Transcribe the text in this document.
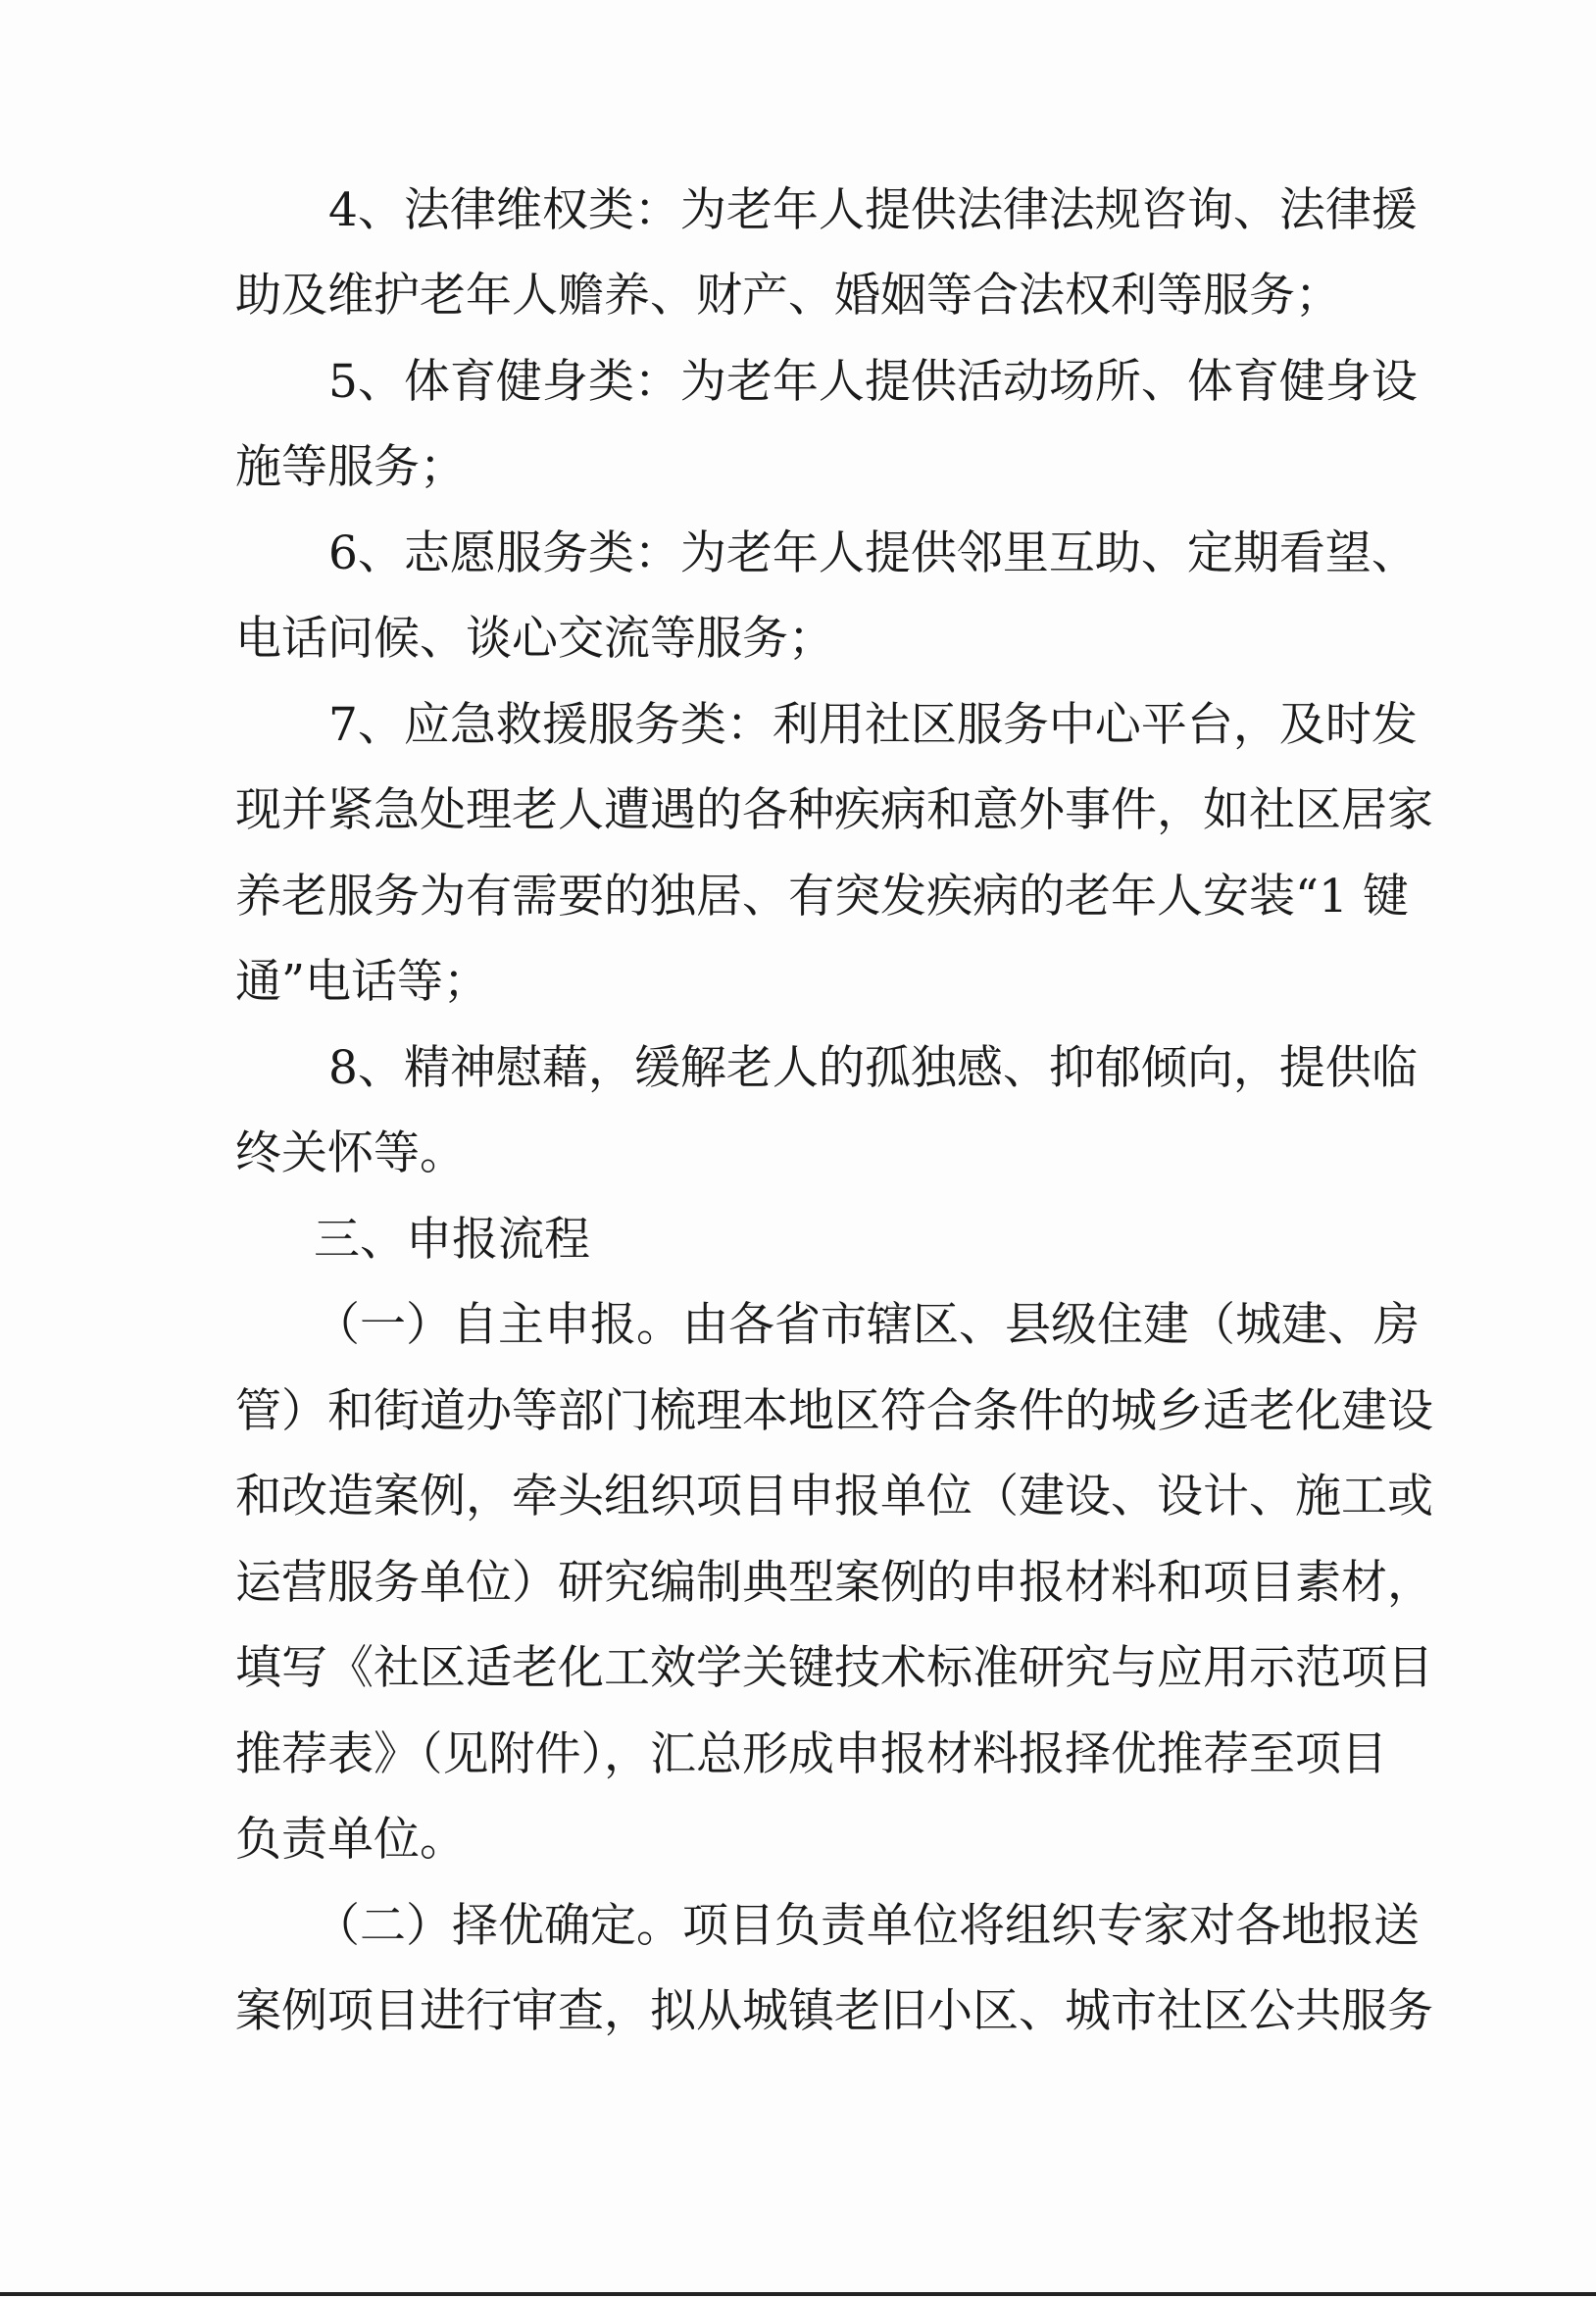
4、法律维权类：为老年人提供法律法规咨询、法律援
助及维护老年人赡养、财产、婚姻等合法权利等服务；
5、体育健身类：为老年人提供活动场所、体育健身设
施等服务；
6、志愿服务类：为老年人提供邻里互助、定期看望、
电话问候、谈心交流等服务；
7、应急救援服务类：利用社区服务中心平台，及时发
现并紧急处理老人遭遇的各种疾病和意外事件，如社区居家
养老服务为有需要的独居、有突发疾病的老年人安装“1 键
通”电话等；
8、精神慰藉，缓解老人的孤独感、抑郁倾向，提供临
终关怀等。
三、申报流程
（一）自主申报。由各省市辖区、县级住建（城建、房
管）和街道办等部门梳理本地区符合条件的城乡适老化建设
和改造案例，牵头组织项目申报单位（建设、设计、施工或
运营服务单位）研究编制典型案例的申报材料和项目素材，
填写《社区适老化工效学关键技术标准研究与应用示范项目
推荐表》（见附件），汇总形成申报材料报择优推荐至项目
负责单位。
（二）择优确定。项目负责单位将组织专家对各地报送
案例项目进行审查，拟从城镇老旧小区、城市社区公共服务
